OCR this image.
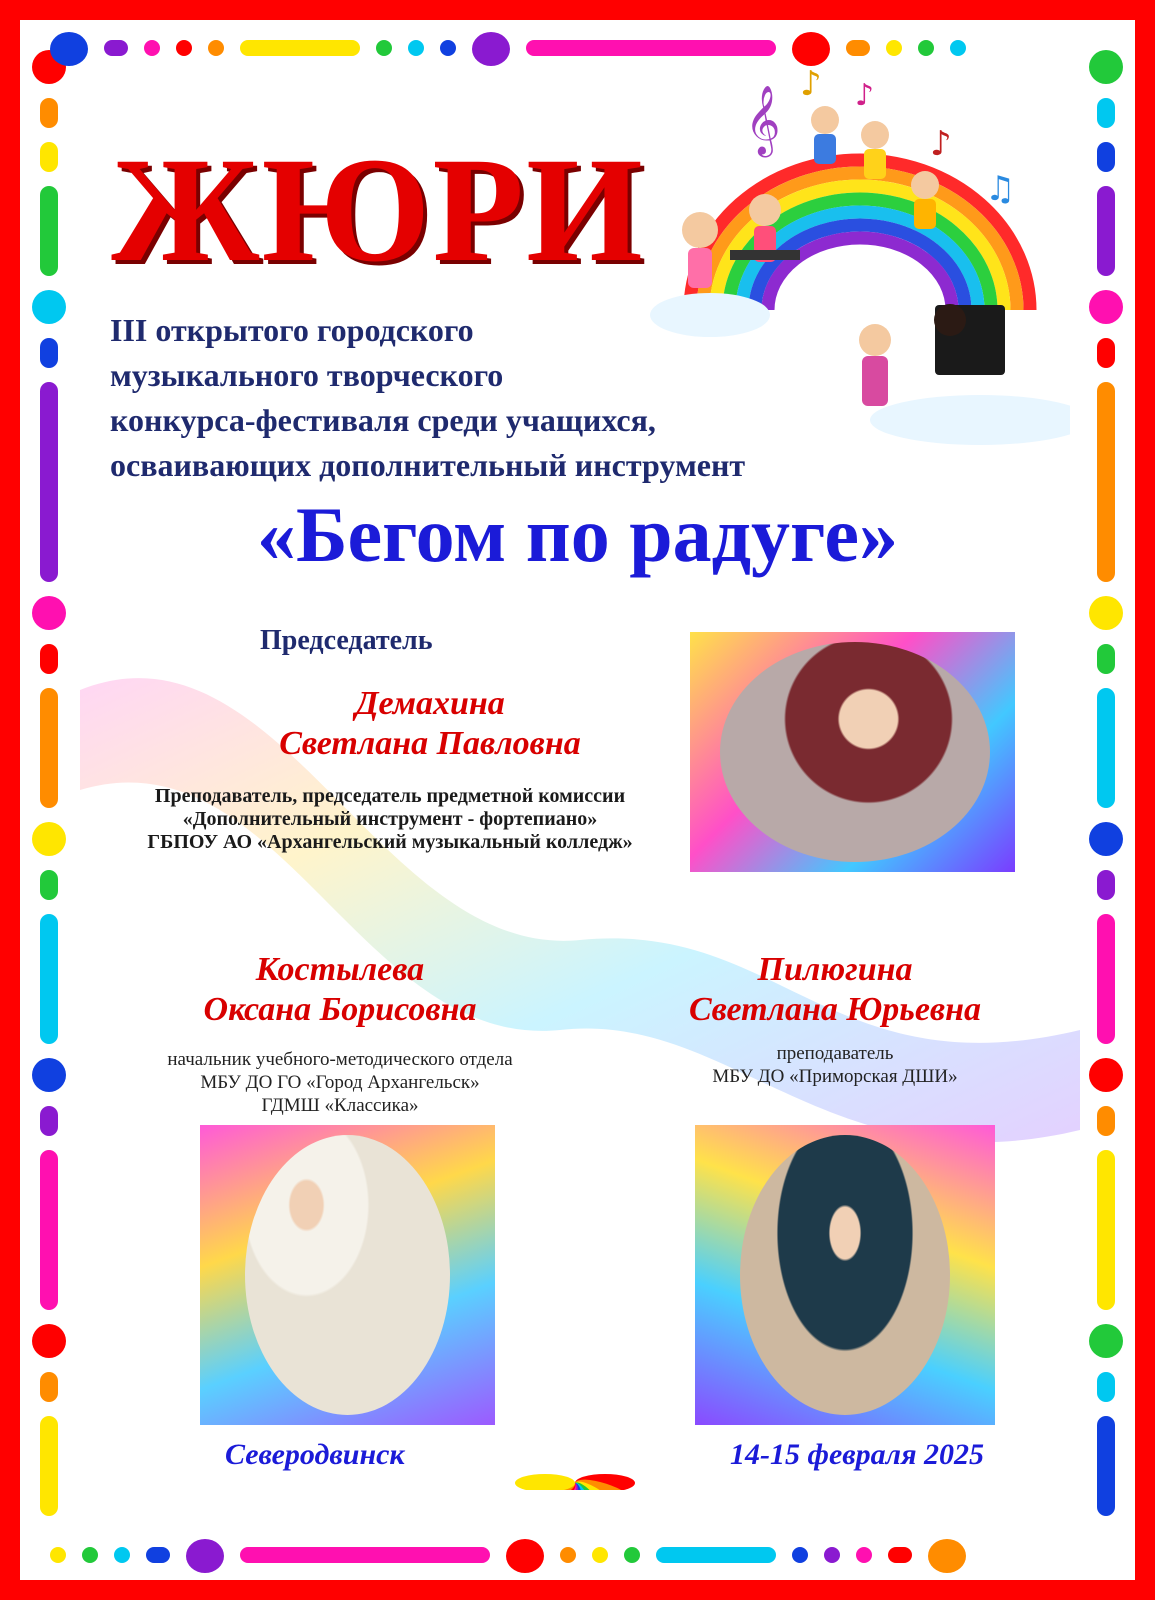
𝄞
♪ ♪
♪
♫
ЖЮРИ
III открытого городского
музыкального творческого
конкурса-фестиваля среди учащихся,
осваивающих дополнительный инструмент
«Бегом по радуге»
Председатель
Демахина
Светлана Павловна
Преподаватель, председатель предметной комиссии
«Дополнительный инструмент - фортепиано»
ГБПОУ АО «Архангельский музыкальный колледж»
Костылева
Оксана Борисовна
начальник учебного-методического отдела
МБУ ДО ГО «Город Архангельск»
ГДМШ «Классика»
Пилюгина
Светлана Юрьевна
преподаватель
МБУ ДО «Приморская ДШИ»
Северодвинск	14-15 февраля 2025
